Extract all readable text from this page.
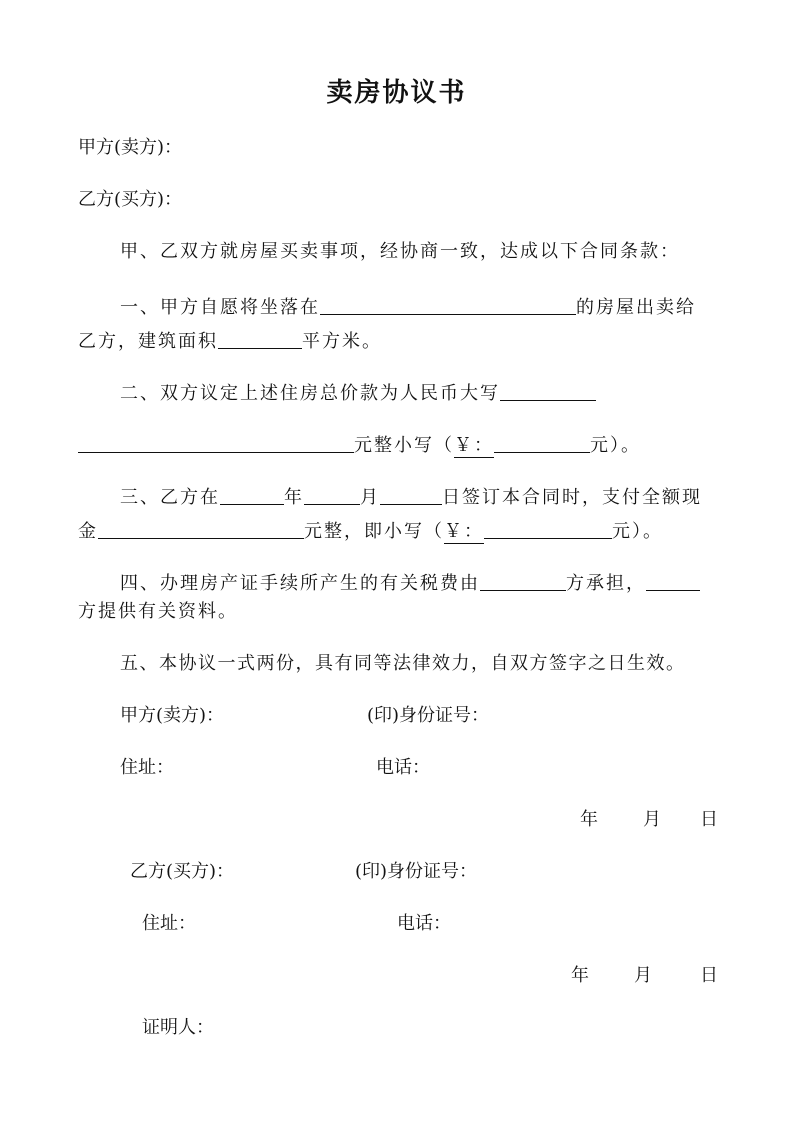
卖房协议书
甲方(卖方)：
乙方(买方)：
甲、乙双方就房屋买卖事项，经协商一致，达成以下合同条款：
一、甲方自愿将坐落在	的房屋出卖给
乙方，建筑面积	平方米。
二、双方议定上述住房总价款为人民币大写
元整小写（￥：	元）。
三、乙方在	年	月	日签订本合同时，支付全额现
金	元整，即小写（￥：	元）。
四、办理房产证手续所产生的有关税费由	方承担，
方提供有关资料。
五、本协议一式两份，具有同等法律效力，自双方签字之日生效。
甲方(卖方)：	(印)身份证号：
住址：	电话：
年	月 日
乙方(买方)：	(印)身份证号：
住址：	电话：
年	月	日
证明人：
